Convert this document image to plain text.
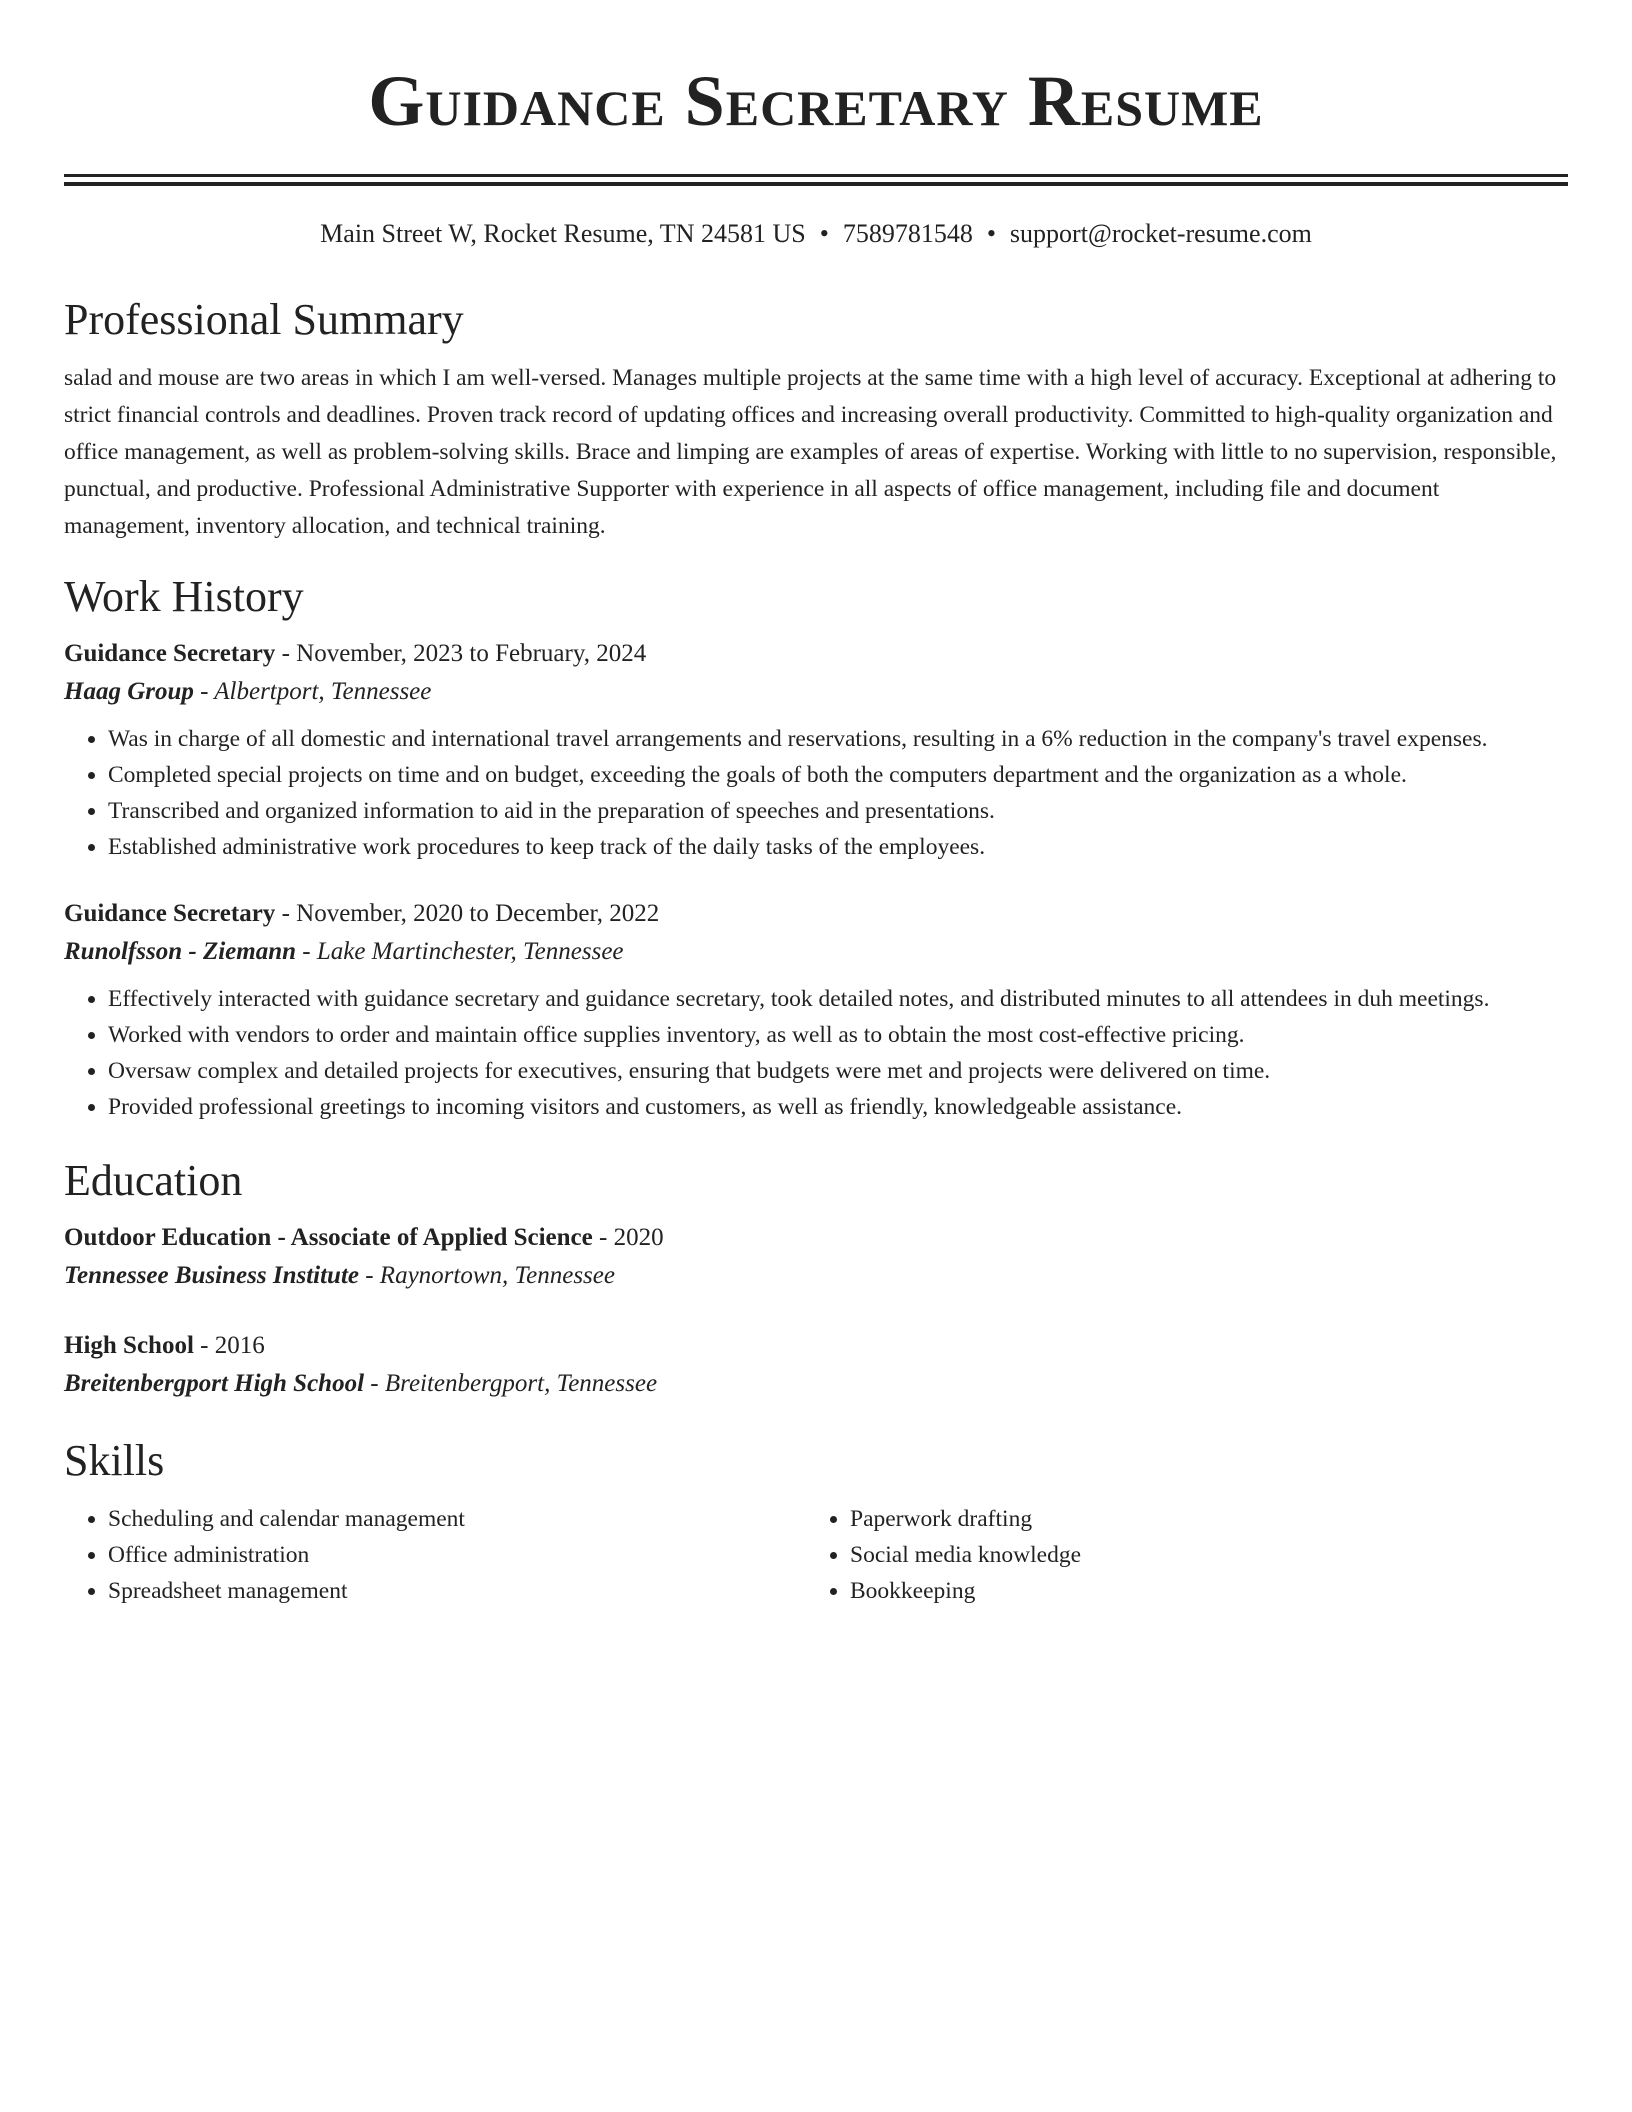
Guidance Secretary Resume
Main Street W, Rocket Resume, TN 24581 US • 7589781548 • support@rocket-resume.com
Professional Summary
salad and mouse are two areas in which I am well-versed. Manages multiple projects at the same time with a high level of accuracy. Exceptional at adhering to strict financial controls and deadlines. Proven track record of updating offices and increasing overall productivity. Committed to high-quality organization and office management, as well as problem-solving skills. Brace and limping are examples of areas of expertise. Working with little to no supervision, responsible, punctual, and productive. Professional Administrative Supporter with experience in all aspects of office management, including file and document management, inventory allocation, and technical training.
Work History
Guidance Secretary - November, 2023 to February, 2024
Haag Group - Albertport, Tennessee
• Was in charge of all domestic and international travel arrangements and reservations, resulting in a 6% reduction in the company's travel expenses.
• Completed special projects on time and on budget, exceeding the goals of both the computers department and the organization as a whole.
• Transcribed and organized information to aid in the preparation of speeches and presentations.
• Established administrative work procedures to keep track of the daily tasks of the employees.
Guidance Secretary - November, 2020 to December, 2022
Runolfsson - Ziemann - Lake Martinchester, Tennessee
• Effectively interacted with guidance secretary and guidance secretary, took detailed notes, and distributed minutes to all attendees in duh meetings.
• Worked with vendors to order and maintain office supplies inventory, as well as to obtain the most cost-effective pricing.
• Oversaw complex and detailed projects for executives, ensuring that budgets were met and projects were delivered on time.
• Provided professional greetings to incoming visitors and customers, as well as friendly, knowledgeable assistance.
Education
Outdoor Education - Associate of Applied Science - 2020
Tennessee Business Institute - Raynortown, Tennessee
High School - 2016
Breitenbergport High School - Breitenbergport, Tennessee
Skills
• Scheduling and calendar management
• Office administration
• Spreadsheet management
• Paperwork drafting
• Social media knowledge
• Bookkeeping
